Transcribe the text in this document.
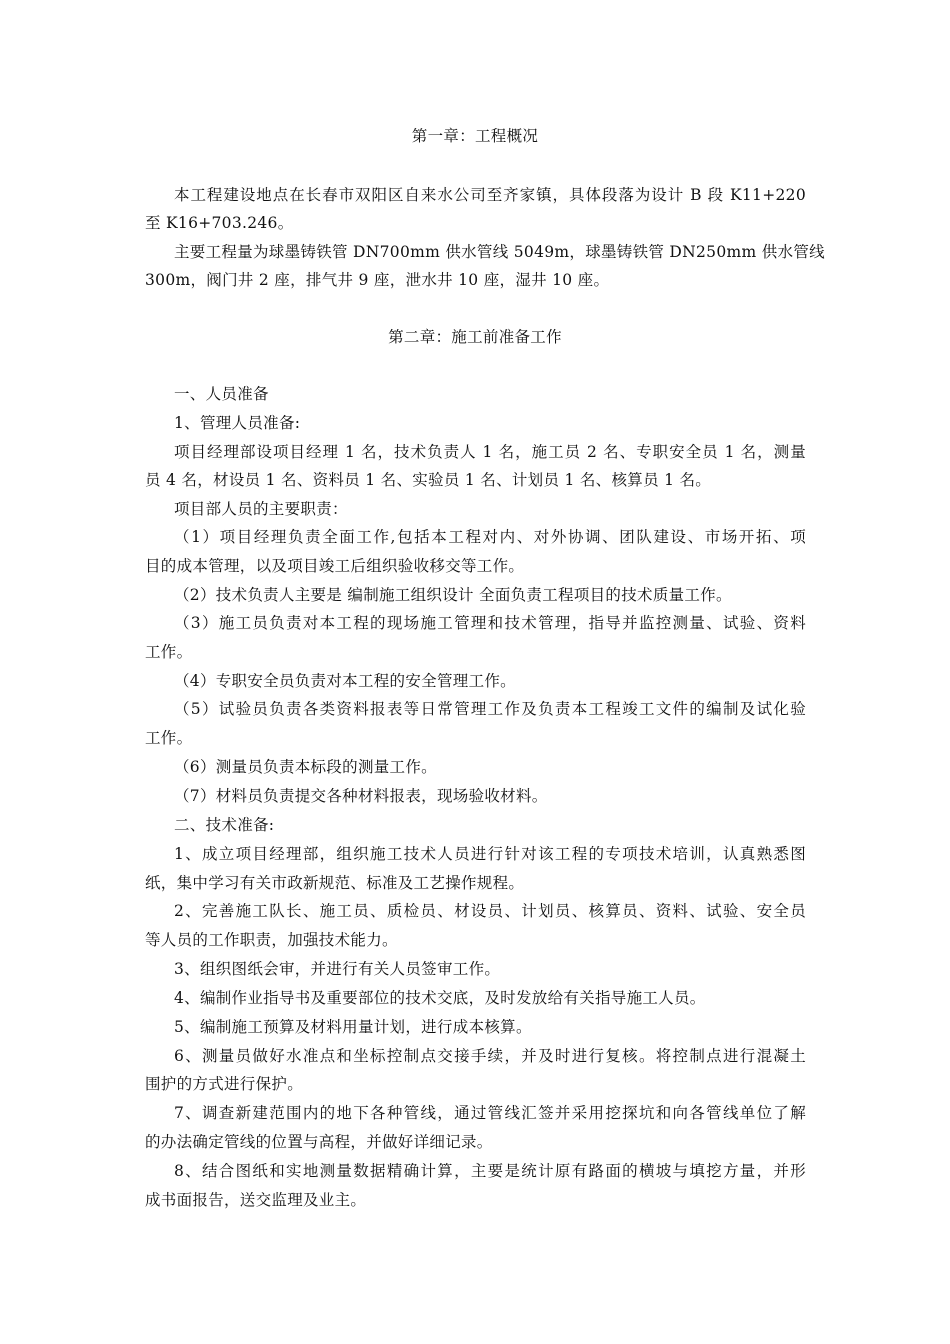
第一章：工程概况
本工程建设地点在长春市双阳区自来水公司至齐家镇，具体段落为设计 B 段 K11+220
至 K16+703.246。
主要工程量为球墨铸铁管 DN700mm 供水管线 5049m，球墨铸铁管 DN250mm 供水管线
300m，阀门井 2 座，排气井 9 座，泄水井 10 座，湿井 10 座。
第二章：施工前准备工作
一、人员准备
1、管理人员准备:
项目经理部设项目经理 1 名，技术负责人 1 名，施工员 2 名、专职安全员 1 名，测量
员 4 名，材设员 1 名、资料员 1 名、实验员 1 名、计划员 1 名、核算员 1 名。
项目部人员的主要职责：
（1）项目经理负责全面工作,包括本工程对内、对外协调、团队建设、市场开拓、项
目的成本管理，以及项目竣工后组织验收移交等工作。
（2）技术负责人主要是 编制施工组织设计 全面负责工程项目的技术质量工作。
（3）施工员负责对本工程的现场施工管理和技术管理，指导并监控测量、试验、资料
工作。
（4）专职安全员负责对本工程的安全管理工作。
（5）试验员负责各类资料报表等日常管理工作及负责本工程竣工文件的编制及试化验
工作。
（6）测量员负责本标段的测量工作。
（7）材料员负责提交各种材料报表，现场验收材料。
二、技术准备:
1、成立项目经理部，组织施工技术人员进行针对该工程的专项技术培训，认真熟悉图
纸，集中学习有关市政新规范、标准及工艺操作规程。
2、完善施工队长、施工员、质检员、材设员、计划员、核算员、资料、试验、安全员
等人员的工作职责，加强技术能力。
3、组织图纸会审，并进行有关人员签审工作。
4、编制作业指导书及重要部位的技术交底，及时发放给有关指导施工人员。
5、编制施工预算及材料用量计划，进行成本核算。
6、测量员做好水准点和坐标控制点交接手续，并及时进行复核。将控制点进行混凝土
围护的方式进行保护。
7、调查新建范围内的地下各种管线，通过管线汇签并采用挖探坑和向各管线单位了解
的办法确定管线的位置与高程，并做好详细记录。
8、结合图纸和实地测量数据精确计算，主要是统计原有路面的横坡与填挖方量，并形
成书面报告，送交监理及业主。
